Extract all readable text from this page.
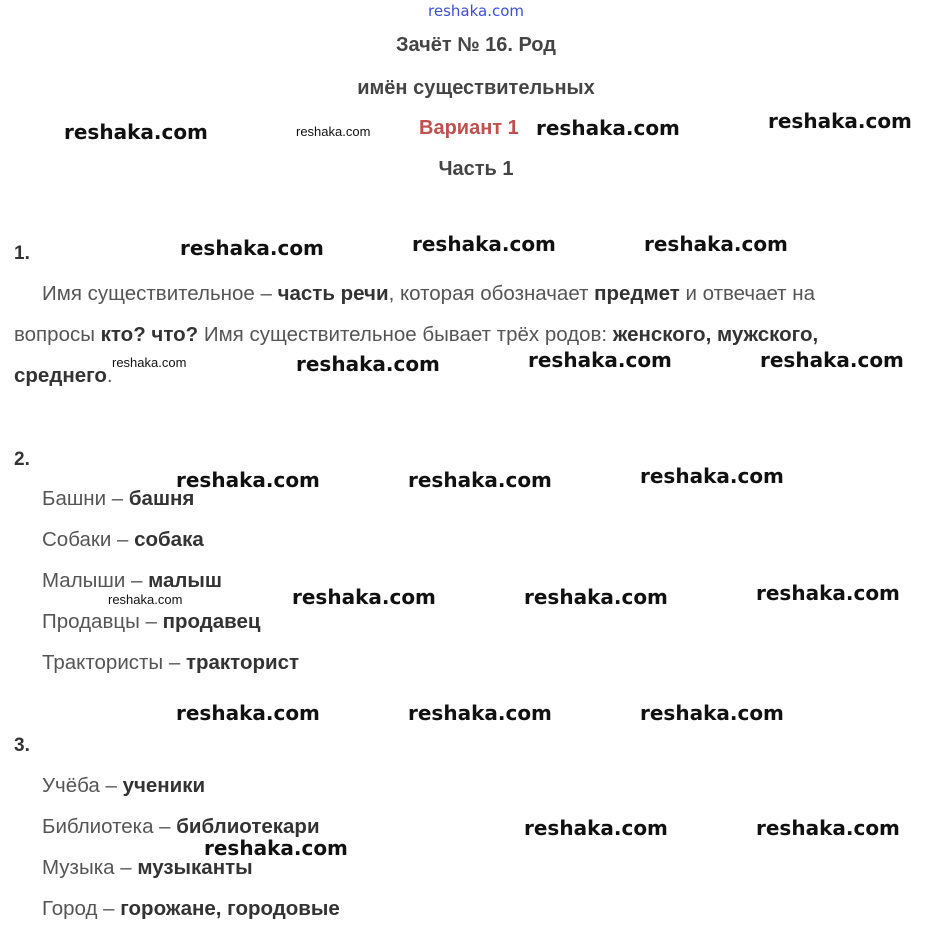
reshaka.com
Зачёт № 16. Род
имён существительных
Вариант 1
Часть 1
reshaka.com	reshaka.com	reshaka.com	reshaka.com
1.	reshaka.com	reshaka.com	reshaka.com
Имя существительное – часть речи, которая обозначает предмет и отвечает на
вопросы кто? что? Имя существительное бывает трёх родов: женского, мужского,
среднего.
reshaka.com	reshaka.com	reshaka.com	reshaka.com
2.
reshaka.com	reshaka.com	reshaka.com
Башни – башня
Собаки – собака
Малыши – малыш
Продавцы – продавец
Трактористы – тракторист
reshaka.com	reshaka.com	reshaka.com	reshaka.com
reshaka.com	reshaka.com	reshaka.com
3.
Учёба – ученики
Библиотека – библиотекари
Музыка – музыканты
Город – горожане, городовые
reshaka.com	reshaka.com
reshaka.com
